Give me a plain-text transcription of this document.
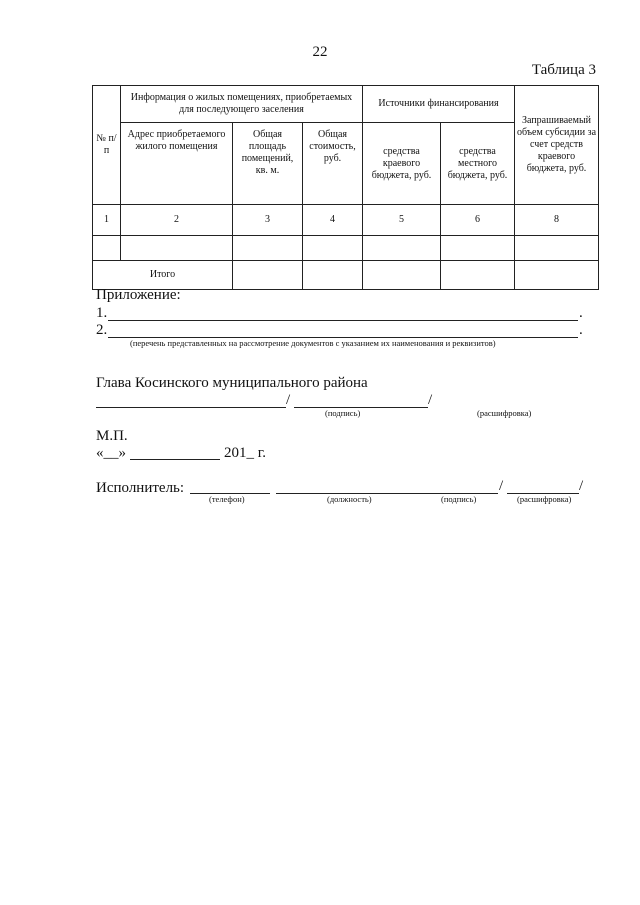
22
Таблица 3
№ п/п	Информация о жилых помещениях, приобретаемых для последующего заселения			Источники финансирования		Запрашиваемый объем субсидии за счет средств краевого бюджета, руб.
	Адрес приобретаемого жилого помещения	Общая площадь помещений, кв. м.	Общая стоимость, руб.	средства краевого бюджета, руб.	средства местного бюджета, руб.	
1	2	3	4	5	6	8

Итого						
Приложение:
1.	.
2.	.
(перечень представленных на рассмотрение документов с указанием их наименования и реквизитов)
Глава Косинского муниципального района
/	/
(подпись)	(расшифровка)
М.П.
«__»	201_ г.
Исполнитель:	/	/
(телефон)	(должность)	(подпись)	(расшифровка)
